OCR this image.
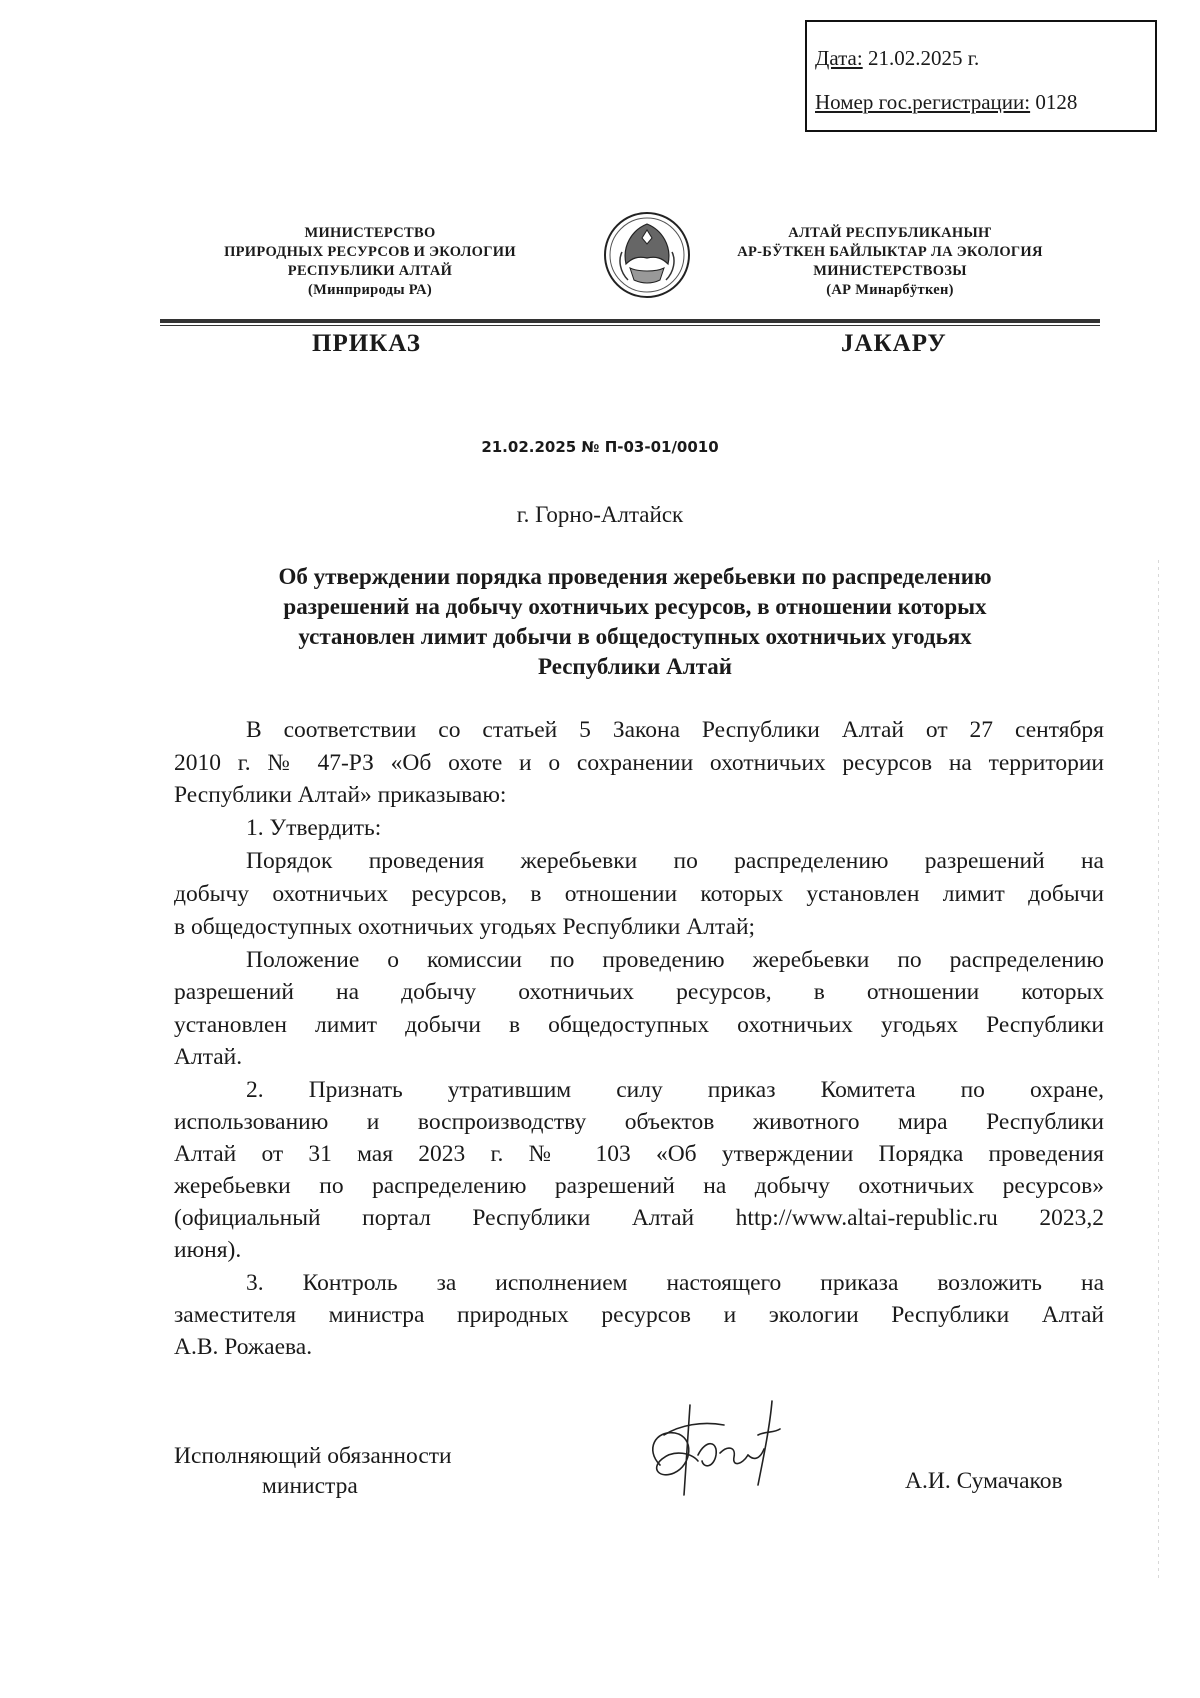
Дата: 21.02.2025 г.
Номер гос.регистрации: 0128
МИНИСТЕРСТВО
ПРИРОДНЫХ РЕСУРСОВ И ЭКОЛОГИИ
РЕСПУБЛИКИ АЛТАЙ
(Минприроды РА)
АЛТАЙ РЕСПУБЛИКАНЫҤ
АР-БӰТКЕН БАЙЛЫКТАР ЛА ЭКОЛОГИЯ
МИНИСТЕРСТВОЗЫ
(АР Минарбӱткен)
ПРИКАЗ	JАКАРУ
21.02.2025 № П-03-01/0010
г. Горно-Алтайск
Об утверждении порядка проведения жеребьевки по распределению
разрешений на добычу охотничьих ресурсов, в отношении которых
установлен лимит добычи в общедоступных охотничьих угодьях
Республики Алтай
В соответствии со статьей 5 Закона Республики Алтай от 27 сентября
2010 г. № 47-РЗ «Об охоте и о сохранении охотничьих ресурсов на территории
Республики Алтай» приказываю:
1. Утвердить:
Порядок проведения жеребьевки по распределению разрешений на
добычу охотничьих ресурсов, в отношении которых установлен лимит добычи
в общедоступных охотничьих угодьях Республики Алтай;
Положение о комиссии по проведению жеребьевки по распределению
разрешений на добычу охотничьих ресурсов, в отношении которых
установлен лимит добычи в общедоступных охотничьих угодьях Республики
Алтай.
2. Признать утратившим силу приказ Комитета по охране,
использованию и воспроизводству объектов животного мира Республики
Алтай от 31 мая 2023 г. № 103 «Об утверждении Порядка проведения
жеребьевки по распределению разрешений на добычу охотничьих ресурсов»
(официальный портал Республики Алтай http://www.altai-republic.ru 2023,2
июня).
3. Контроль за исполнением настоящего приказа возложить на
заместителя министра природных ресурсов и экологии Республики Алтай
А.В. Рожаева.
Исполняющий обязанности
министра	А.И. Сумачаков
